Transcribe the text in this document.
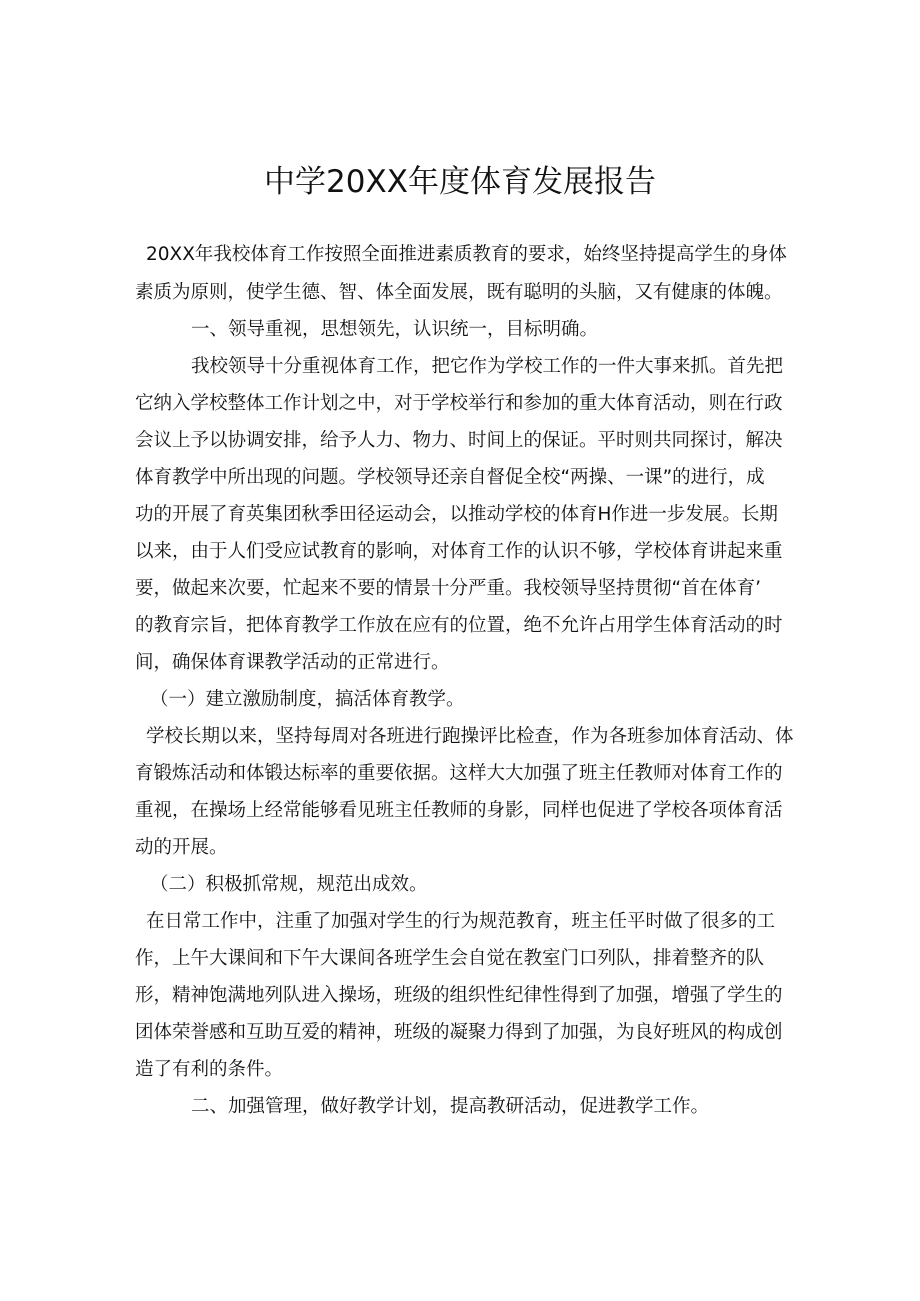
中学20XX年度体育发展报告

20XX年我校体育工作按照全面推进素质教育的要求，始终坚持提高学生的身体

素质为原则，使学生德、智、体全面发展，既有聪明的头脑，又有健康的体魄。

一、领导重视，思想领先，认识统一，目标明确。

我校领导十分重视体育工作，把它作为学校工作的一件大事来抓。首先把

它纳入学校整体工作计划之中，对于学校举行和参加的重大体育活动，则在行政

会议上予以协调安排，给予人力、物力、时间上的保证。平时则共同探讨，解决

体育教学中所出现的问题。学校领导还亲自督促全校“两操、一课”的进行，成

功的开展了育英集团秋季田径运动会，以推动学校的体育H作进一步发展。长期

以来，由于人们受应试教育的影响，对体育工作的认识不够，学校体育讲起来重

要，做起来次要，忙起来不要的情景十分严重。我校领导坚持贯彻“首在体育’

的教育宗旨，把体育教学工作放在应有的位置，绝不允许占用学生体育活动的时

间，确保体育课教学活动的正常进行。

（一）建立激励制度，搞活体育教学。

学校长期以来，坚持每周对各班进行跑操评比检查，作为各班参加体育活动、体

育锻炼活动和体锻达标率的重要依据。这样大大加强了班主任教师对体育工作的

重视，在操场上经常能够看见班主任教师的身影，同样也促进了学校各项体育活

动的开展。

（二）积极抓常规，规范出成效。

在日常工作中，注重了加强对学生的行为规范教育，班主任平时做了很多的工

作，上午大课间和下午大课间各班学生会自觉在教室门口列队，排着整齐的队

形，精神饱满地列队进入操场，班级的组织性纪律性得到了加强，增强了学生的

团体荣誉感和互助互爱的精神，班级的凝聚力得到了加强，为良好班风的构成创

造了有利的条件。

二、加强管理，做好教学计划，提高教研活动，促进教学工作。
